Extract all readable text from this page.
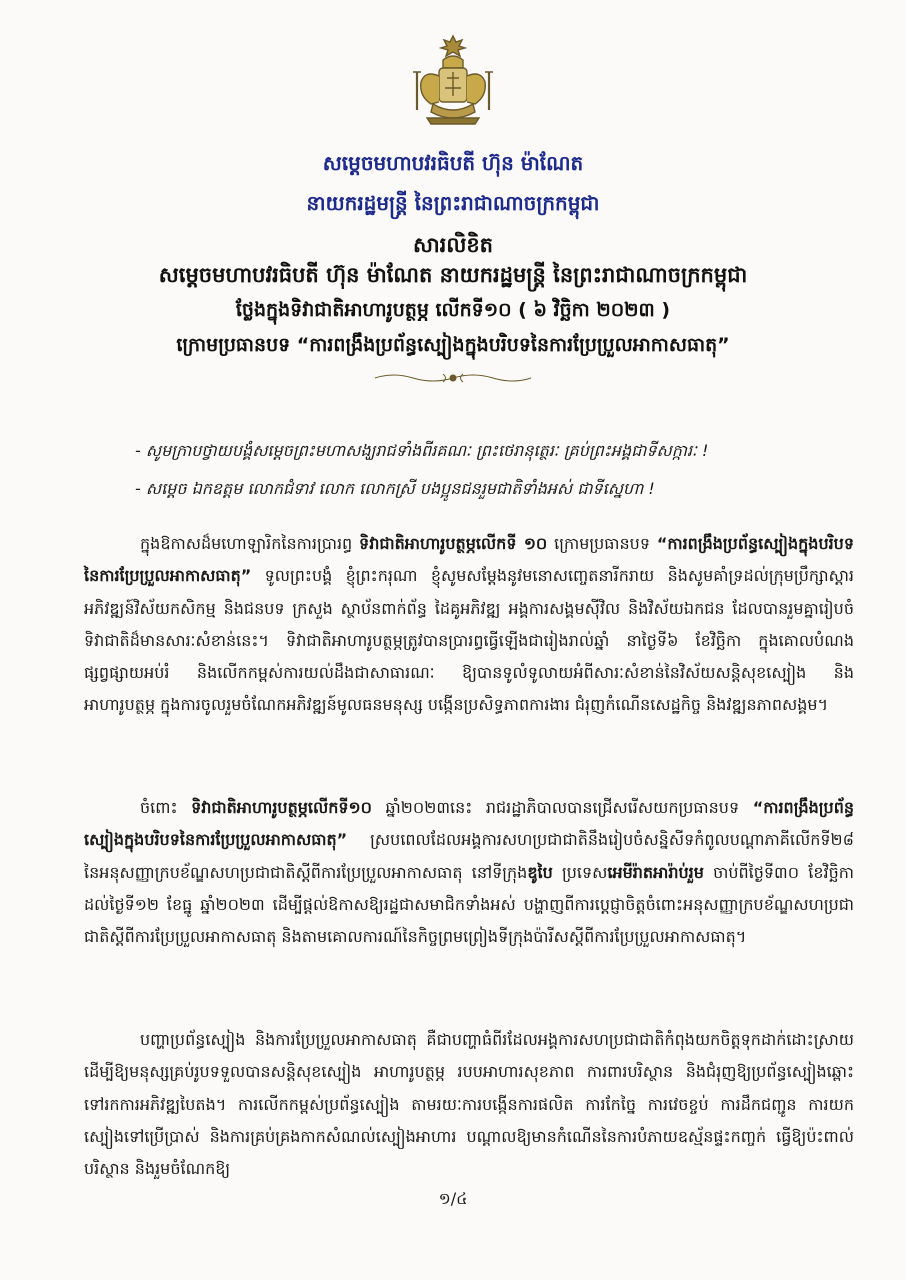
សម្តេចមហាបវរធិបតី ហ៊ុន ម៉ាណែត
នាយករដ្ឋមន្ត្រី នៃព្រះរាជាណាចក្រកម្ពុជា
សារលិខិត
សម្តេចមហាបវរធិបតី ហ៊ុន ម៉ាណែត នាយករដ្ឋមន្ត្រី នៃព្រះរាជាណាចក្រកម្ពុជា
ថ្លែងក្នុងទិវាជាតិអាហារូបត្ថម្ភ លើកទី១០ ( ៦ វិច្ឆិកា ២០២៣ )
ក្រោមប្រធានបទ “ការពង្រឹងប្រព័ន្ធស្បៀងក្នុងបរិបទនៃការប្រែប្រួលអាកាសធាតុ”
- សូមក្រាបថ្វាយបង្គំសម្តេចព្រះមហាសង្ឃរាជទាំងពីរគណៈ ព្រះថេរានុត្ថេរៈ គ្រប់ព្រះអង្គជាទីសក្ការៈ !
- សម្តេច ឯកឧត្តម លោកជំទាវ លោក លោកស្រី បងប្អូនជនរួមជាតិទាំងអស់ ជាទីស្នេហា !
ក្នុងឱកាសដ៏មហោឡារិកនៃការប្រារព្ធ ទិវាជាតិអាហារូបត្ថម្ភលើកទី ១០ ក្រោមប្រធានបទ “ការពង្រឹងប្រព័ន្ធស្បៀងក្នុងបរិបទនៃការប្រែប្រួលអាកាសធាតុ” ទូលព្រះបង្គំ ខ្ញុំព្រះករុណា ខ្ញុំសូមសម្តែងនូវមនោសញ្ចេតនារីករាយ និងសូមគាំទ្រដល់ក្រុមប្រឹក្សាស្តារអភិវឌ្ឍន៍វិស័យកសិកម្ម និងជនបទ ក្រសួង ស្ថាប័នពាក់ព័ន្ធ ដៃគូអភិវឌ្ឍ អង្គការសង្គមស៊ីវិល និងវិស័យឯកជន ដែលបានរួមគ្នារៀបចំទិវាជាតិដ៏មានសារៈសំខាន់នេះ។ ទិវាជាតិអាហារូបត្ថម្ភត្រូវបានប្រារព្ធធ្វើឡើងជារៀងរាល់ឆ្នាំ នាថ្ងៃទី៦ ខែវិច្ឆិកា ក្នុងគោលបំណងផ្សព្វផ្សាយអប់រំ និងលើកកម្ពស់ការយល់ដឹងជាសាធារណៈ ឱ្យបានទូលំទូលាយអំពីសារៈសំខាន់នៃវិស័យសន្តិសុខស្បៀង និងអាហារូបត្ថម្ភ ក្នុងការចូលរួមចំណែកអភិវឌ្ឍន៍មូលធនមនុស្ស បង្កើនប្រសិទ្ធភាពការងារ ជំរុញកំណើនសេដ្ឋកិច្ច និងវឌ្ឍនភាពសង្គម។
ចំពោះ ទិវាជាតិអាហារូបត្ថម្ភលើកទី១០ ឆ្នាំ២០២៣នេះ រាជរដ្ឋាភិបាលបានជ្រើសរើសយកប្រធានបទ “ការពង្រឹងប្រព័ន្ធស្បៀងក្នុងបរិបទនៃការប្រែប្រួលអាកាសធាតុ” ស្របពេលដែលអង្គការសហប្រជាជាតិនឹងរៀបចំសន្និសីទកំពូលបណ្តាភាគីលើកទី២៨ នៃអនុសញ្ញាក្របខ័ណ្ឌសហប្រជាជាតិស្តីពីការប្រែប្រួលអាកាសធាតុ នៅទីក្រុងឌូបៃ ប្រទេសអេមីរ៉ាតអារ៉ាប់រួម ចាប់ពីថ្ងៃទី៣០ ខែវិច្ឆិកាដល់ថ្ងៃទី១២ ខែធ្នូ ឆ្នាំ២០២៣ ដើម្បីផ្តល់ឱកាសឱ្យរដ្ឋជាសមាជិកទាំងអស់ បង្ហាញពីការប្តេជ្ញាចិត្តចំពោះអនុសញ្ញាក្របខ័ណ្ឌសហប្រជាជាតិស្តីពីការប្រែប្រួលអាកាសធាតុ និងតាមគោលការណ៍នៃកិច្ចព្រមព្រៀងទីក្រុងប៉ារីសស្តីពីការប្រែប្រួលអាកាសធាតុ។
បញ្ហាប្រព័ន្ធស្បៀង និងការប្រែប្រួលអាកាសធាតុ គឺជាបញ្ហាធំពីរដែលអង្គការសហប្រជាជាតិកំពុងយកចិត្តទុកដាក់ដោះស្រាយ ដើម្បីឱ្យមនុស្សគ្រប់រូបទទួលបានសន្តិសុខស្បៀង អាហារូបត្ថម្ភ របបអាហារសុខភាព ការពារបរិស្ថាន និងជំរុញឱ្យប្រព័ន្ធស្បៀងឆ្ពោះទៅរកការអភិវឌ្ឍបៃតង។ ការលើកកម្ពស់ប្រព័ន្ធស្បៀង តាមរយៈការបង្កើនការផលិត ការកែច្នៃ ការវេចខ្ចប់ ការដឹកជញ្ជូន ការយកស្បៀងទៅប្រើប្រាស់ និងការគ្រប់គ្រងកាកសំណល់ស្បៀងអាហារ បណ្តាលឱ្យមានកំណើននៃការបំភាយឧស្ម័នផ្ទះកញ្ចក់ ធ្វើឱ្យប៉ះពាល់បរិស្ថាន និងរួមចំណែកឱ្យ
១/៤
